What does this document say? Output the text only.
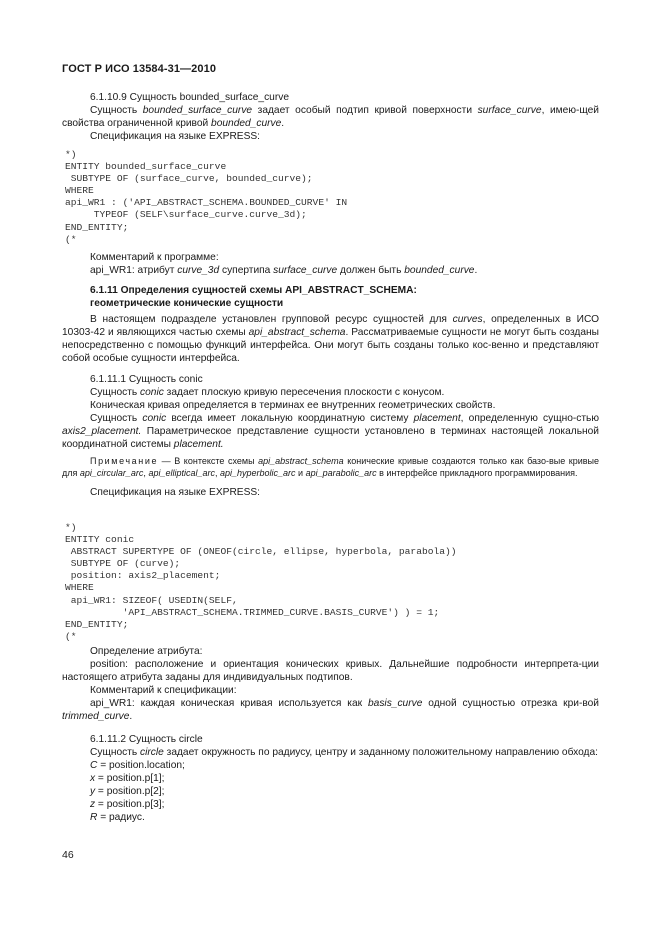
ГОСТ Р ИСО 13584-31—2010

6.1.10.9 Сущность bounded_surface_curve

Сущность bounded_surface_curve задает особый подтип кривой поверхности surface_curve, имею-щей свойства ограниченной кривой bounded_curve.

Спецификация на языке EXPRESS:

*)
ENTITY bounded_surface_curve
SUBTYPE OF (surface_curve, bounded_curve);
WHERE
api_WR1 : ('API_ABSTRACT_SCHEMA.BOUNDED_CURVE' IN
TYPEOF (SELF\surface_curve.curve_3d);
END_ENTITY;
(*

Комментарий к программе:

api_WR1: атрибут curve_3d супертипа surface_curve должен быть bounded_curve.

6.1.11 Определения сущностей схемы API_ABSTRACT_SCHEMA:

геометрические конические сущности

В настоящем подразделе установлен групповой ресурс сущностей для curves, определенных в ИСО 10303-42 и являющихся частью схемы api_abstract_schema. Рассматриваемые сущности не могут быть созданы непосредственно с помощью функций интерфейса. Они могут быть созданы только кос-венно и представляют собой особые сущности интерфейса.

6.1.11.1 Сущность conic

Сущность conic задает плоскую кривую пересечения плоскости с конусом.

Коническая кривая определяется в терминах ее внутренних геометрических свойств.

Сущность conic всегда имеет локальную координатную систему placement, определенную сущно-стью axis2_placement. Параметрическое представление сущности установлено в терминах настоящей локальной координатной системы placement.

Примечание — В контексте схемы api_abstract_schema конические кривые создаются только как базо-вые кривые для api_circular_arc, api_elliptical_arc, api_hyperbolic_arc и api_parabolic_arc в интерфейсе прикладного программирования.

Спецификация на языке EXPRESS:

*)
ENTITY conic
ABSTRACT SUPERTYPE OF (ONEOF(circle, ellipse, hyperbola, parabola))
SUBTYPE OF (curve);
position: axis2_placement;
WHERE
api_WR1: SIZEOF( USEDIN(SELF,
'API_ABSTRACT_SCHEMA.TRIMMED_CURVE.BASIS_CURVE') ) = 1;
END_ENTITY;
(*

Определение атрибута:

position: расположение и ориентация конических кривых. Дальнейшие подробности интерпрета-ции настоящего атрибута заданы для индивидуальных подтипов.

Комментарий к спецификации:

api_WR1: каждая коническая кривая используется как basis_curve одной сущностью отрезка кри-вой trimmed_curve.

6.1.11.2 Сущность circle

Сущность circle задает окружность по радиусу, центру и заданному положительному направлению обхода:

C = position.location;
x = position.p[1];
y = position.p[2];
z = position.p[3];
R = радиус.
46
